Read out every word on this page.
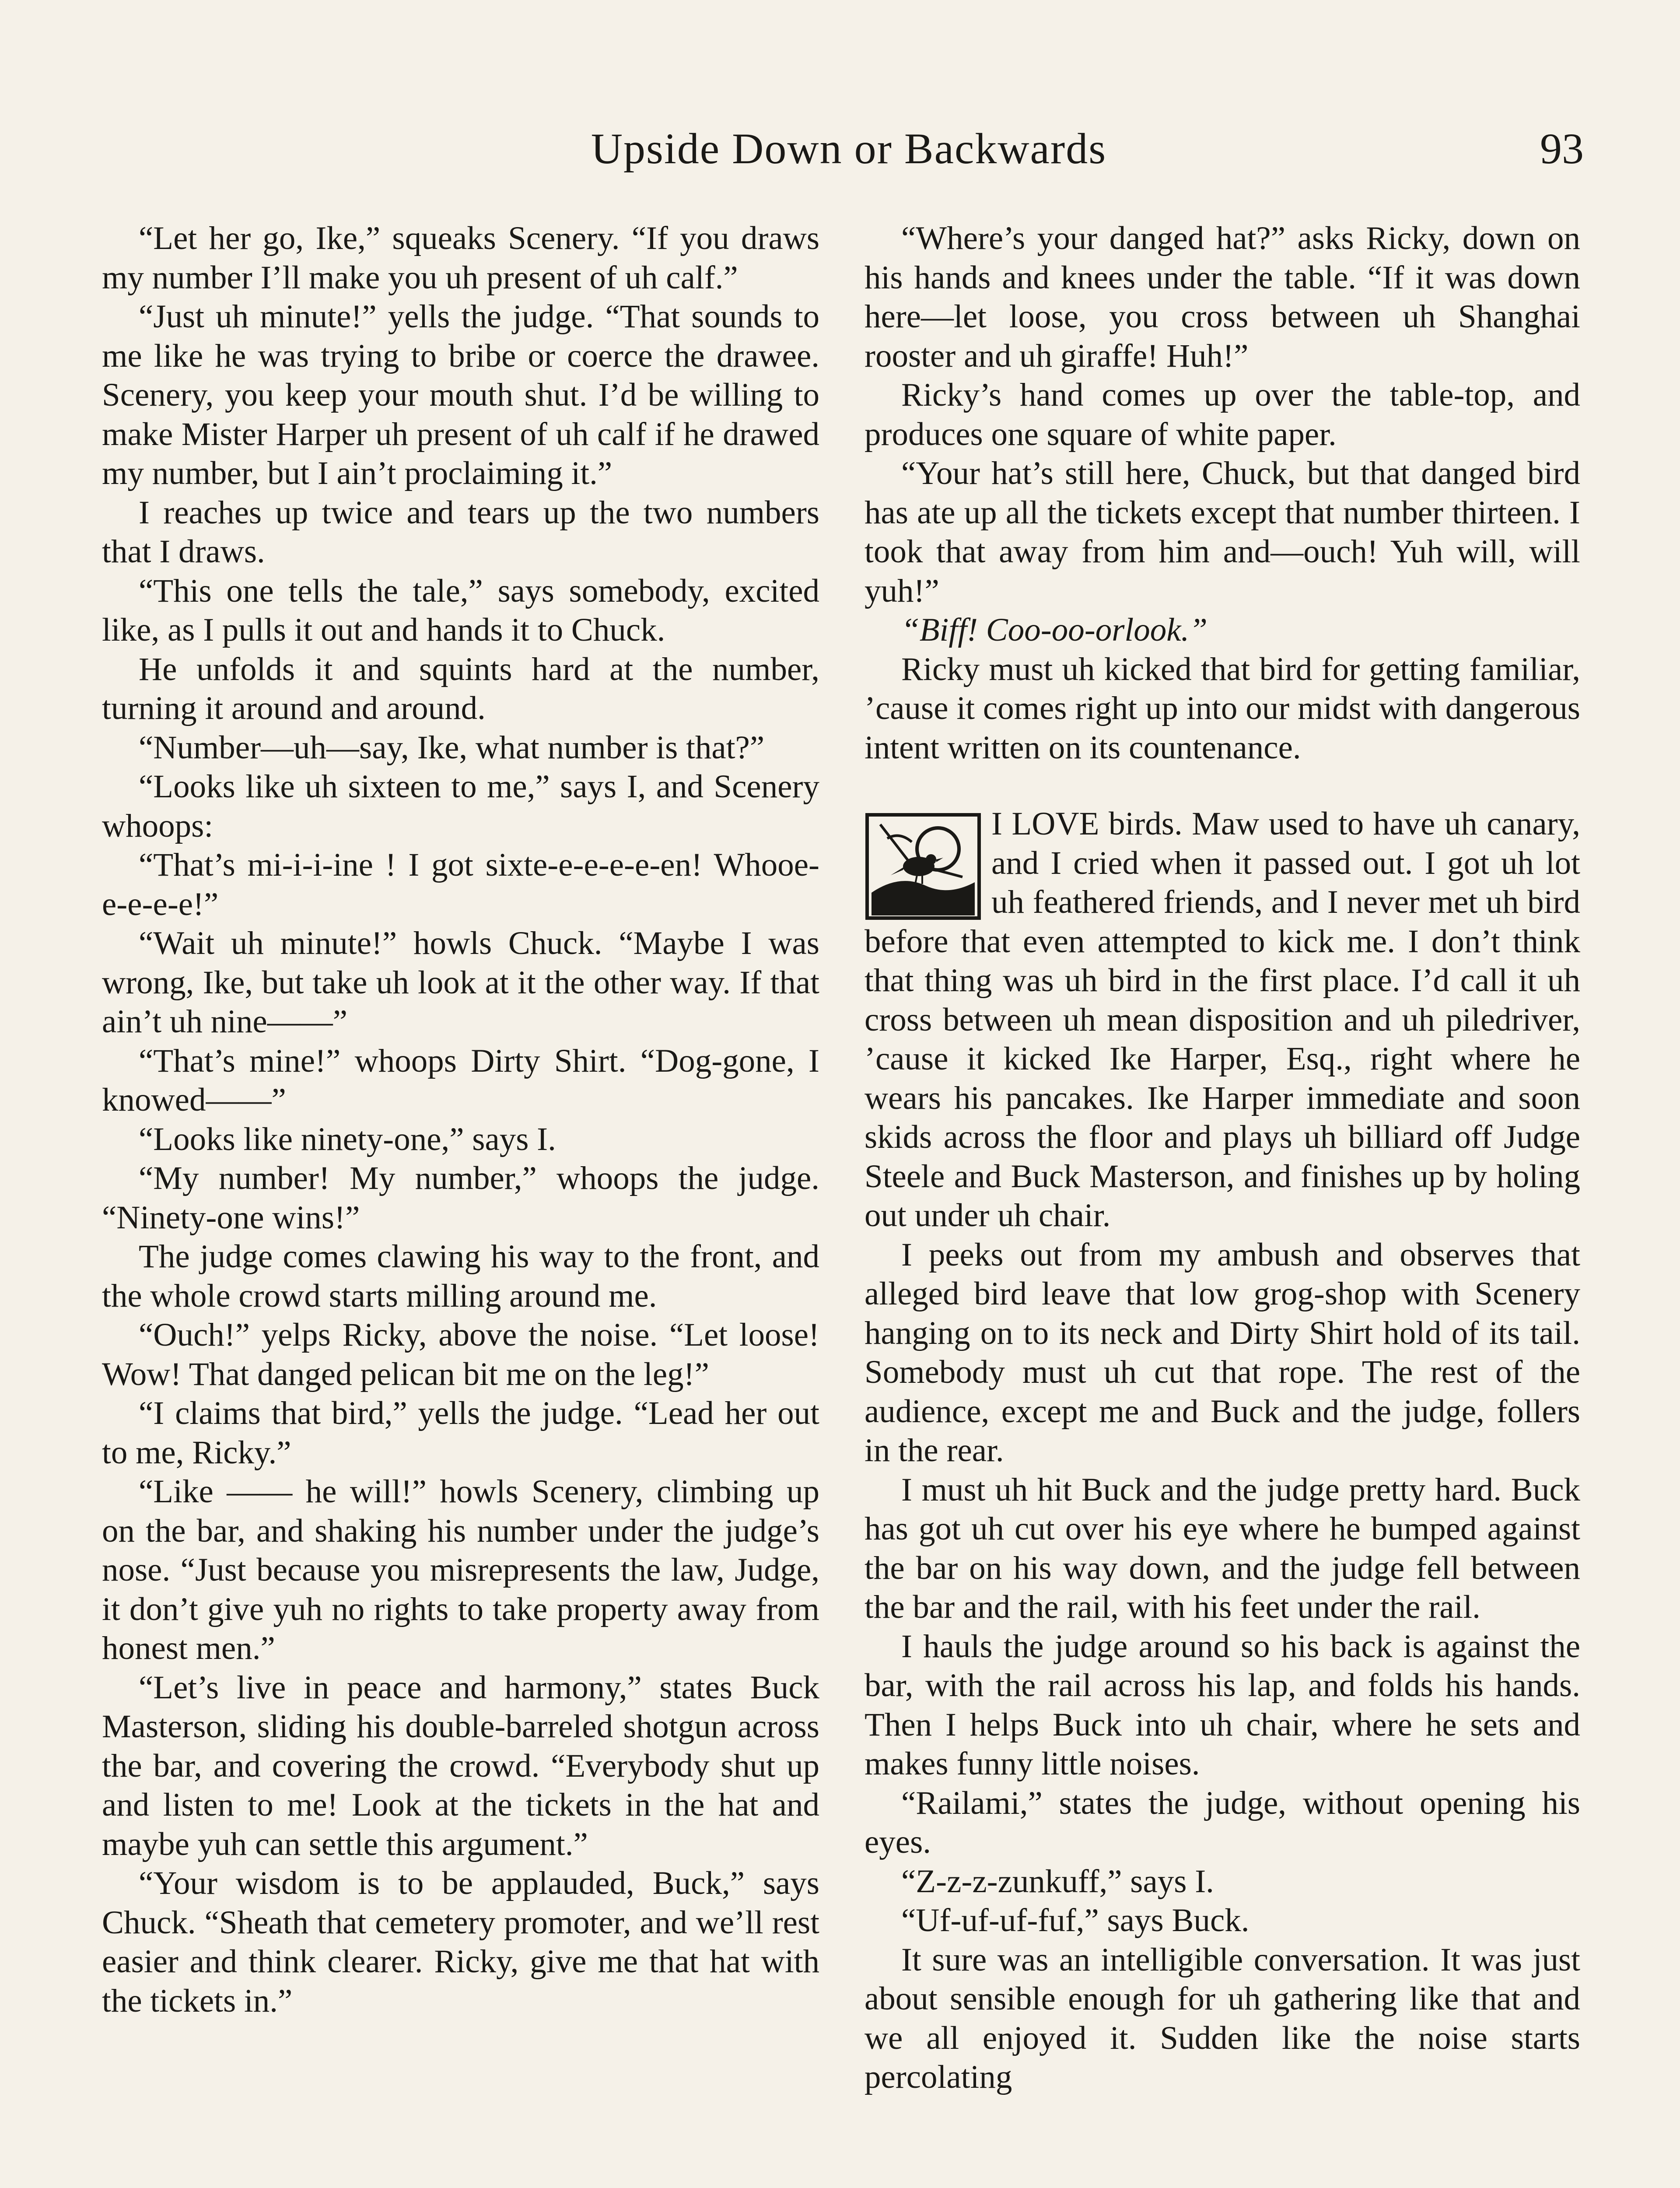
Upside Down or Backwards	93

“Let her go, Ike,” squeaks Scenery. “If you draws my number I’ll make you uh present of uh calf.”

“Just uh minute!” yells the judge. “That sounds to me like he was trying to bribe or coerce the drawee. Scenery, you keep your mouth shut. I’d be willing to make Mister Harper uh present of uh calf if he drawed my number, but I ain’t proclaiming it.”

I reaches up twice and tears up the two numbers that I draws.

“This one tells the tale,” says somebody, excited like, as I pulls it out and hands it to Chuck.

He unfolds it and squints hard at the number, turning it around and around.

“Number—uh—say, Ike, what number is that?”

“Looks like uh sixteen to me,” says I, and Scenery whoops:

“That’s mi-i-i-ine ! I got sixte-e-e-e-e-en! Whooe-e-e-e-e!”

“Wait uh minute!” howls Chuck. “Maybe I was wrong, Ike, but take uh look at it the other way. If that ain’t uh nine——”

“That’s mine!” whoops Dirty Shirt. “Dog-gone, I knowed——”

“Looks like ninety-one,” says I.

“My number! My number,” whoops the judge. “Ninety-one wins!”

The judge comes clawing his way to the front, and the whole crowd starts milling around me.

“Ouch!” yelps Ricky, above the noise. “Let loose! Wow! That danged pelican bit me on the leg!”

“I claims that bird,” yells the judge. “Lead her out to me, Ricky.”

“Like —— he will!” howls Scenery, climbing up on the bar, and shaking his number under the judge’s nose. “Just because you misrepresents the law, Judge, it don’t give yuh no rights to take property away from honest men.”

“Let’s live in peace and harmony,” states Buck Masterson, sliding his double-barreled shotgun across the bar, and covering the crowd. “Everybody shut up and listen to me! Look at the tickets in the hat and maybe yuh can settle this argument.”

“Your wisdom is to be applauded, Buck,” says Chuck. “Sheath that cemetery promoter, and we’ll rest easier and think clearer. Ricky, give me that hat with the tickets in.”

“Where’s your danged hat?” asks Ricky, down on his hands and knees under the table. “If it was down here—let loose, you cross between uh Shanghai rooster and uh giraffe! Huh!”

Ricky’s hand comes up over the table-top, and produces one square of white paper.

“Your hat’s still here, Chuck, but that danged bird has ate up all the tickets except that number thirteen. I took that away from him and—ouch! Yuh will, will yuh!”

“Biff! Coo-oo-orlook.”

Ricky must uh kicked that bird for getting familiar, ’cause it comes right up into our midst with dangerous intent written on its countenance.

I LOVE birds. Maw used to have uh canary, and I cried when it passed out. I got uh lot uh feathered friends, and I never met uh bird before that even attempted to kick me. I don’t think that thing was uh bird in the first place. I’d call it uh cross between uh mean disposition and uh piledriver, ’cause it kicked Ike Harper, Esq., right where he wears his pancakes. Ike Harper immediate and soon skids across the floor and plays uh billiard off Judge Steele and Buck Masterson, and finishes up by holing out under uh chair.

I peeks out from my ambush and observes that alleged bird leave that low grog-shop with Scenery hanging on to its neck and Dirty Shirt hold of its tail. Somebody must uh cut that rope. The rest of the audience, except me and Buck and the judge, follers in the rear.

I must uh hit Buck and the judge pretty hard. Buck has got uh cut over his eye where he bumped against the bar on his way down, and the judge fell between the bar and the rail, with his feet under the rail.

I hauls the judge around so his back is against the bar, with the rail across his lap, and folds his hands. Then I helps Buck into uh chair, where he sets and makes funny little noises.

“Railami,” states the judge, without opening his eyes.

“Z-z-z-zunkuff,” says I.

“Uf-uf-uf-fuf,” says Buck.

It sure was an intelligible conversation. It was just about sensible enough for uh gathering like that and we all enjoyed it. Sudden like the noise starts percolating
